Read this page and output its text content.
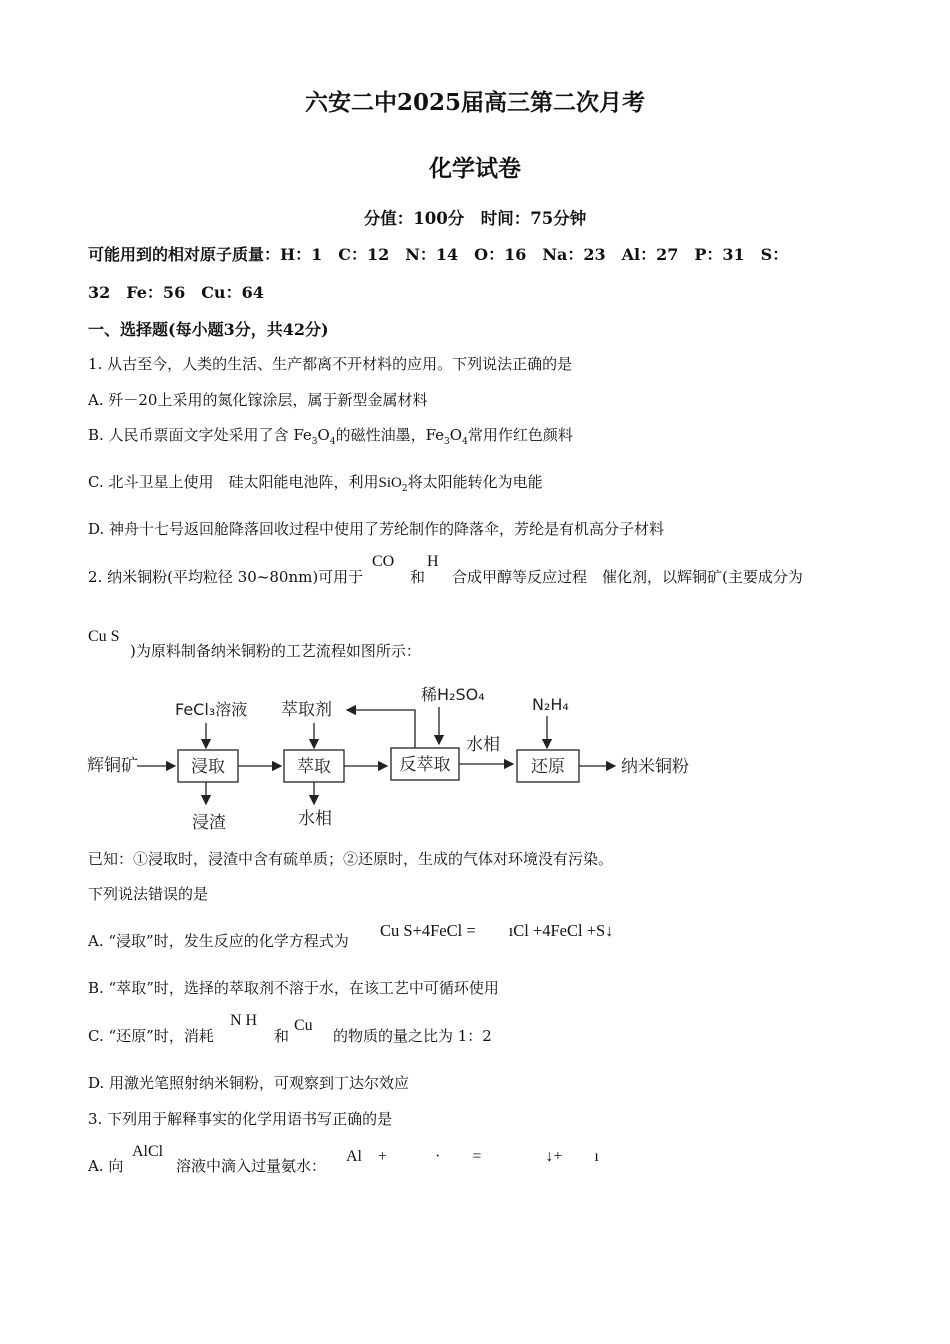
六安二中2025届高三第二次月考
化学试卷
分值：100分　时间：75分钟
可能用到的相对原子质量：H：1　C：12　N：14　O：16　Na：23　Al：27　P：31　S：
32　Fe：56　Cu：64
一、选择题(每小题3分，共42分)
1. 从古至今，人类的生活、生产都离不开材料的应用。下列说法正确的是
A. 歼－20上采用的氮化镓涂层，属于新型金属材料
B. 人民币票面文字处采用了含 $Fe_3O_4$的磁性油墨，$Fe_3O_4$常用作红色颜料
C. 北斗卫星上使用　硅太阳能电池阵，利用SiO$_2$将太阳能转化为电能
D. 神舟十七号返回舱降落回收过程中使用了芳纶制作的降落伞，芳纶是有机高分子材料
2. 纳米铜粉(平均粒径 30~80nm)可用于
CO
和
H
合成甲醇等反应过程　催化剂，以辉铜矿(主要成分为
Cu S
)为原料制备纳米铜粉的工艺流程如图所示：
辉铜矿
FeCl₃溶液
浸取
浸渣
萃取剂
萃取
水相
稀H₂SO₄
反萃取
水相
N₂H₄
还原	纳米铜粉
已知：①浸取时，浸渣中含有硫单质；②还原时，生成的气体对环境没有污染。
下列说法错误的是
A. “浸取”时，发生反应的化学方程式为
Cu S+4FeCl =　　ıCl +4FeCl +S↓
B. “萃取”时，选择的萃取剂不溶于水，在该工艺中可循环使用
C. “还原”时，消耗
N H
和
Cu
的物质的量之比为 1：2
D. 用激光笔照射纳米铜粉，可观察到丁达尔效应
3. 下列用于解释事实的化学用语书写正确的是
A. 向
AlCl
溶液中滴入过量氨水：
Al　+　　　·　　=　　　　↓+　　ı
